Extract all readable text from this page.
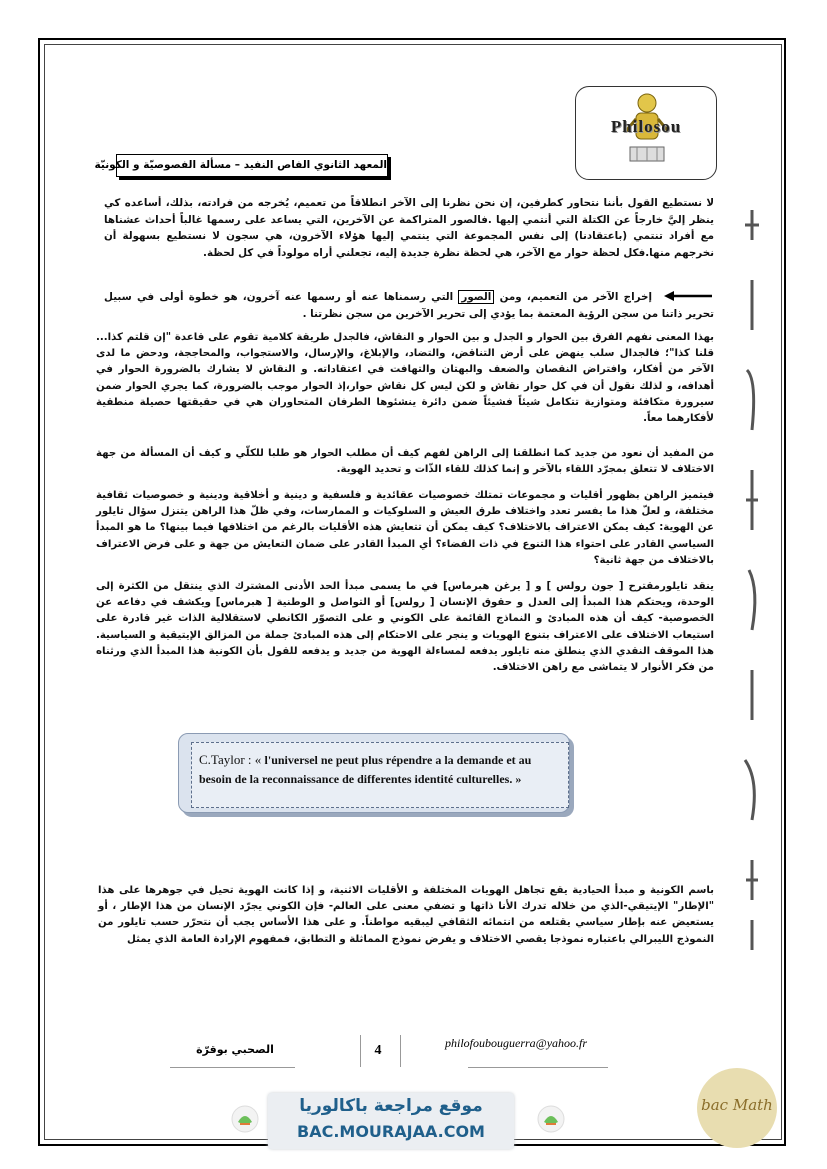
Philosou
المعهد الثانوي الفاص النفيد – مسألة الفصوصيّة و الكونيّة

لا نستطيع القول بأننا نتحاور كطرفين، إن نحن نظرنا إلى الآخر انطلاقاً من تعميم، يُخرجه من فرادته، بذلك، أساعده كي ينظر إليَّ خارجاً عن الكتلة التي أنتمي إليها .فالصور المتراكمة عن الآخرين، التي يساعد على رسمها غالباً أحداث عشناها مع أفراد تنتمي (باعتقادنا) إلى نفس المجموعة التي ينتمي إليها هؤلاء الآخرون، هي سجون لا نستطيع بسهولة أن نخرجهم منها.فكل لحظة حوار مع الآخر، هي لحظة نظرة جديدة إليه، تجعلني أراه مولوداً في كل لحظة.

إخراج الآخر من التعميم، ومن الصور التي رسمناها عنه أو رسمها عنه آخرون، هو خطوة أولى في سبيل تحرير ذاتنا من سجن الرؤية المعتمة بما يؤدي إلى تحرير الآخرين من سجن نظرتنا .

بهذا المعنى نفهم الفرق بين الحوار و الجدل و بين الحوار و النقاش، فالجدل طريقة كلامية تقوم على قاعدة "إن قلتم كذا... قلنا كذا"؛ فالجدال سلب ينهض على أرض التناقض، والتضاد، والإبلاغ، والإرسال، والاستجواب، والمحاججة، ودحض ما لدى الآخر من أفكار، وافتراض النقصان والضعف والبهتان والتهافت في اعتقاداته. و النقاش لا يشارك بالضرورة الحوار في أهدافه، و لذلك نقول أن في كل حوار نقاش و لكن ليس كل نقاش حوار،إذ الحوار موجب بالضرورة، كما يجري الحوار ضمن سيرورة متكافئة ومتوازية تتكامل شيئاً فشيئاً ضمن دائرة ينشئوها الطرفان المتحاوران هي في حقيقتها حصيلة منطقية لأفكارهما معاً.

من المفيد أن نعود من جديد كما انطلقنا إلى الراهن لفهم كيف أن مطلب الحوار هو طلبا للكلّي و كيف أن المسألة من جهة الاختلاف لا تتعلق بمجرّد اللقاء بالآخر و إنما كذلك للقاء الذّات و تحديد الهوية.

فيتميز الراهن بظهور أقليات و مجموعات تمتلك خصوصيات عقائدية و فلسفية و دينية و أخلاقية ودينية و خصوصيات ثقافية مختلفة، و لعلّ هذا ما يفسر تعدد واختلاف طرق العيش و السلوكيات و الممارسات، وفي ظلّ هذا الراهن يتنزل سؤال تايلور عن الهوية: كيف يمكن الاعتراف بالاختلاف؟ كيف يمكن أن تتعايش هذه الأقليات بالرغم من اختلافها فيما بينها؟ ما هو المبدأ السياسي القادر على احتواء هذا التنوع في ذات الفضاء؟ أي المبدأ القادر على ضمان التعايش من جهة و على فرض الاعتراف بالاختلاف من جهة ثانية؟

ينقد تايلورمقترح [ جون رولس ] و [ يرغن هبرماس] في ما يسمى مبدأ الحد الأدنى المشترك الذي ينتقل من الكثرة إلى الوحدة، ويحتكم هذا المبدأ إلى العدل و حقوق الإنسان [ رولس] أو التواصل و الوطنية [ هبرماس] ويكشف في دفاعه عن الخصوصية- كيف أن هذه المبادئ و النماذج القائمة على الكوني و على التصوّر الكانطي لاستقلالية الذات غير قادرة على استيعاب الاختلاف على الاعتراف بتنوع الهويات و ينجر على الاحتكام إلى هذه المبادئ جملة من المزالق الإيتيقية و السياسية. هذا الموقف النقدي الذي ينطلق منه تايلور يدفعه لمساءلة الهوية من جديد و يدفعه للقول بأن الكونية هذا المبدأ الذي ورثناه من فكر الأنوار لا يتماشى مع راهن الاختلاف.

C.Taylor : « l'universel ne peut plus répendre a la demande et au besoin de la reconnaissance de differentes identité culturelles. »

باسم الكونية و مبدأ الحيادية يقع تجاهل الهويات المختلفة و الأقليات الاثنية، و إذا كانت الهوية تحيل في جوهرها على هذا "الإطار" الإيتيقي-الذي من خلاله تدرك الأنا ذاتها و تضفي معنى على العالم- فإن الكوني يجرّد الإنسان من هذا الإطار ، أو يستعيض عنه بإطار سياسي يقتلعه من انتمائه الثقافي ليبقيه مواطناً. و على هذا الأساس يجب أن نتحرّر حسب تايلور من النموذج الليبرالي باعتباره نموذجا يقصي الاختلاف و يفرض نموذج المماثلة و التطابق، فمفهوم الإرادة العامة الذي يمثل

الصحبي بوقرّة	4	philofoubouguerra@yahoo.fr
موقع مراجعة باكالوريا
BAC.MOURAJAA.COM
bac Math
